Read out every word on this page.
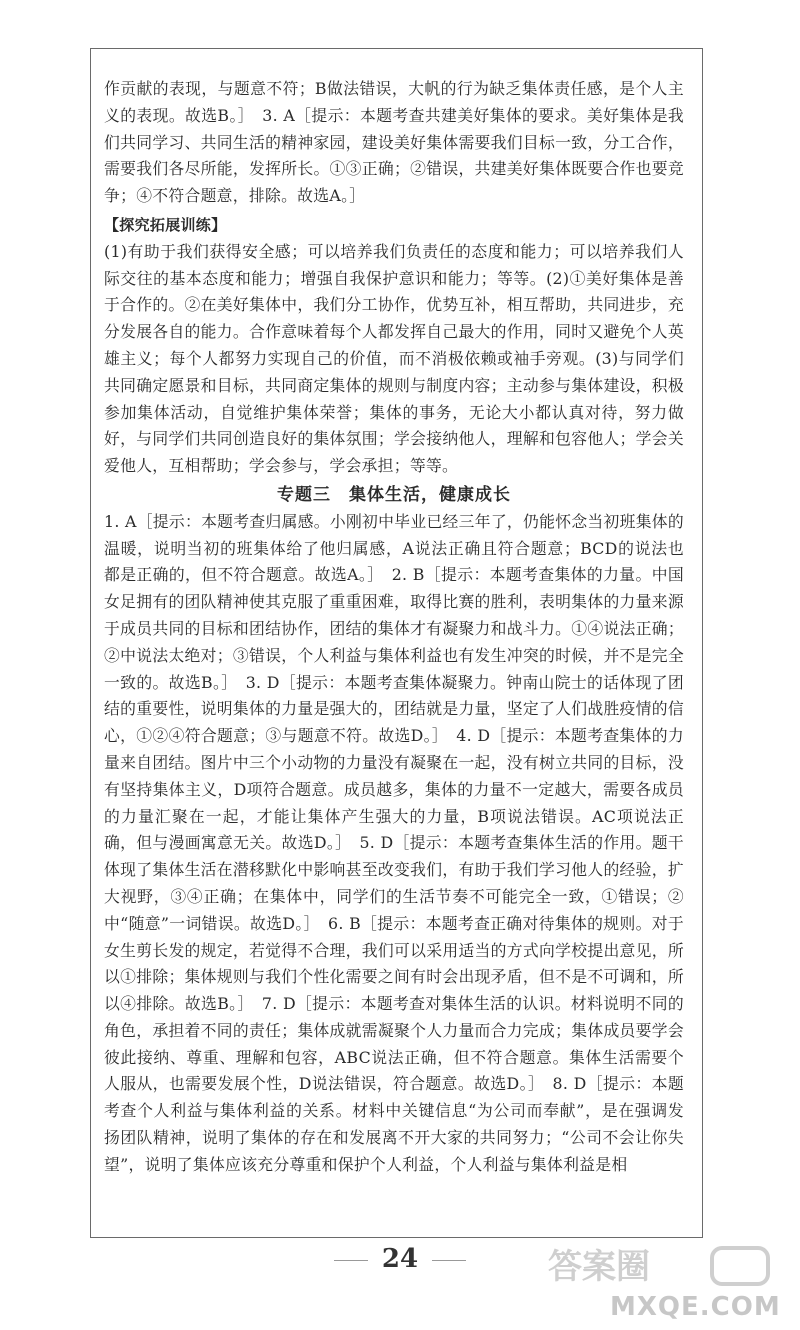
作贡献的表现，与题意不符；B做法错误，大帆的行为缺乏集体责任感，是个人主义的表现。故选B。］　3. A［提示：本题考查共建美好集体的要求。美好集体是我们共同学习、共同生活的精神家园，建设美好集体需要我们目标一致，分工合作，需要我们各尽所能，发挥所长。①③正确；②错误，共建美好集体既要合作也要竞争；④不符合题意，排除。故选A。］

【探究拓展训练】

(1)有助于我们获得安全感；可以培养我们负责任的态度和能力；可以培养我们人际交往的基本态度和能力；增强自我保护意识和能力；等等。(2)①美好集体是善于合作的。②在美好集体中，我们分工协作，优势互补，相互帮助，共同进步，充分发展各自的能力。合作意味着每个人都发挥自己最大的作用，同时又避免个人英雄主义；每个人都努力实现自己的价值，而不消极依赖或袖手旁观。(3)与同学们共同确定愿景和目标，共同商定集体的规则与制度内容；主动参与集体建设，积极参加集体活动，自觉维护集体荣誉；集体的事务，无论大小都认真对待，努力做好，与同学们共同创造良好的集体氛围；学会接纳他人，理解和包容他人；学会关爱他人，互相帮助；学会参与，学会承担；等等。

专题三　集体生活，健康成长

1. A［提示：本题考查归属感。小刚初中毕业已经三年了，仍能怀念当初班集体的温暖，说明当初的班集体给了他归属感，A说法正确且符合题意；BCD的说法也都是正确的，但不符合题意。故选A。］　2. B［提示：本题考查集体的力量。中国女足拥有的团队精神使其克服了重重困难，取得比赛的胜利，表明集体的力量来源于成员共同的目标和团结协作，团结的集体才有凝聚力和战斗力。①④说法正确；②中说法太绝对；③错误，个人利益与集体利益也有发生冲突的时候，并不是完全一致的。故选B。］　3. D［提示：本题考查集体凝聚力。钟南山院士的话体现了团结的重要性，说明集体的力量是强大的，团结就是力量，坚定了人们战胜疫情的信心，①②④符合题意；③与题意不符。故选D。］　4. D［提示：本题考查集体的力量来自团结。图片中三个小动物的力量没有凝聚在一起，没有树立共同的目标，没有坚持集体主义，D项符合题意。成员越多，集体的力量不一定越大，需要各成员的力量汇聚在一起，才能让集体产生强大的力量，B项说法错误。AC项说法正确，但与漫画寓意无关。故选D。］　5. D［提示：本题考查集体生活的作用。题干体现了集体生活在潜移默化中影响甚至改变我们，有助于我们学习他人的经验，扩大视野，③④正确；在集体中，同学们的生活节奏不可能完全一致，①错误；②中“随意”一词错误。故选D。］　6. B［提示：本题考查正确对待集体的规则。对于女生剪长发的规定，若觉得不合理，我们可以采用适当的方式向学校提出意见，所以①排除；集体规则与我们个性化需要之间有时会出现矛盾，但不是不可调和，所以④排除。故选B。］　7. D［提示：本题考查对集体生活的认识。材料说明不同的角色，承担着不同的责任；集体成就需凝聚个人力量而合力完成；集体成员要学会彼此接纳、尊重、理解和包容，ABC说法正确，但不符合题意。集体生活需要个人服从，也需要发展个性，D说法错误，符合题意。故选D。］　8. D［提示：本题考查个人利益与集体利益的关系。材料中关键信息“为公司而奉献”，是在强调发扬团队精神，说明了集体的存在和发展离不开大家的共同努力；“公司不会让你失望”，说明了集体应该充分尊重和保护个人利益，个人利益与集体利益是相

24	答案圈
MXQE.COM
